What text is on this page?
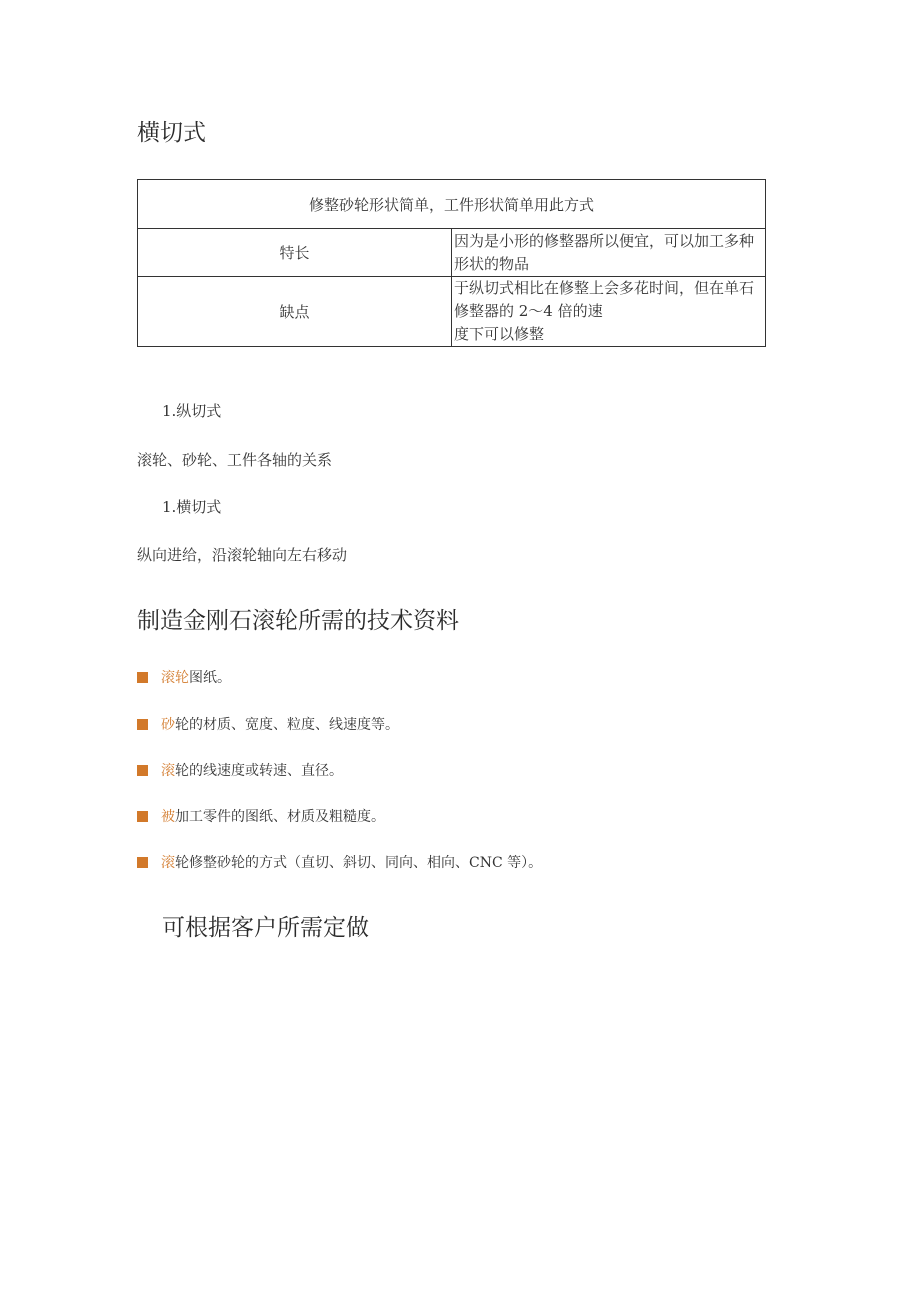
横切式
修整砂轮形状简单，工件形状简单用此方式	
特长	因为是小形的修整器所以便宜，可以加工多种形状的物品
缺点	于纵切式相比在修整上会多花时间，但在单石修整器的 2～4 倍的速
度下可以修整
1.纵切式
滚轮、砂轮、工件各轴的关系
1.横切式
纵向进给，沿滚轮轴向左右移动
制造金刚石滚轮所需的技术资料
滚轮图纸。
砂轮的材质、宽度、粒度、线速度等。
滚轮的线速度或转速、直径。
被加工零件的图纸、材质及粗糙度。
滚轮修整砂轮的方式（直切、斜切、同向、相向、CNC 等）。
可根据客户所需定做
